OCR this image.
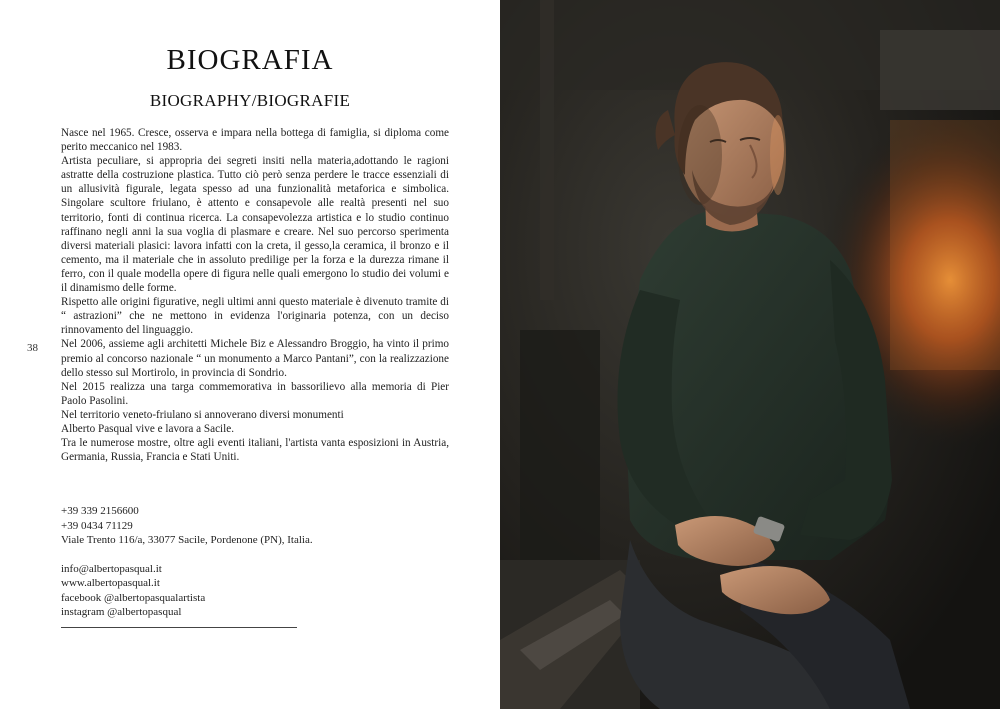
BIOGRAFIA
BIOGRAPHY/BIOGRAFIE
38

Nasce nel 1965. Cresce, osserva e impara nella bottega di famiglia, si diploma come perito meccanico nel 1983.

Artista peculiare, si appropria dei segreti insiti nella materia,adottando le ragioni astratte della costruzione plastica. Tutto ciò però senza perdere le tracce essenziali di un allusività figurale, legata spesso ad una funzionalità metaforica e simbolica. Singolare scultore friulano, è attento e consapevole alle realtà presenti nel suo territorio, fonti di continua ricerca. La consapevolezza artistica e lo studio continuo raffinano negli anni la sua voglia di plasmare e creare. Nel suo percorso sperimenta diversi materiali plasici: lavora infatti con la creta, il gesso,la ceramica, il bronzo e il cemento, ma il materiale che in assoluto predilige per la forza e la durezza rimane il ferro, con il quale modella opere di figura nelle quali emergono lo studio dei volumi e il dinamismo delle forme.

Rispetto alle origini figurative, negli ultimi anni questo materiale è divenuto tramite di “ astrazioni” che ne mettono in evidenza l'originaria potenza, con un deciso rinnovamento del linguaggio.

Nel 2006, assieme agli architetti Michele Biz e Alessandro Broggio, ha vinto il primo premio al concorso nazionale “ un monumento a Marco Pantani”, con la realizzazione dello stesso sul Mortirolo, in provincia di Sondrio.

Nel 2015 realizza una targa commemorativa in bassorilievo alla memoria di Pier Paolo Pasolini.

Nel territorio veneto-friulano si annoverano diversi monumenti

Alberto Pasqual vive e lavora a Sacile.

Tra le numerose mostre, oltre agli eventi italiani, l'artista vanta esposizioni in Austria, Germania, Russia, Francia e Stati Uniti.

+39 339 2156600
+39 0434 71129
Viale Trento 116/a, 33077 Sacile, Pordenone (PN), Italia.
info@albertopasqual.it
www.albertopasqual.it
facebook @albertopasqualartista
instagram @albertopasqual
